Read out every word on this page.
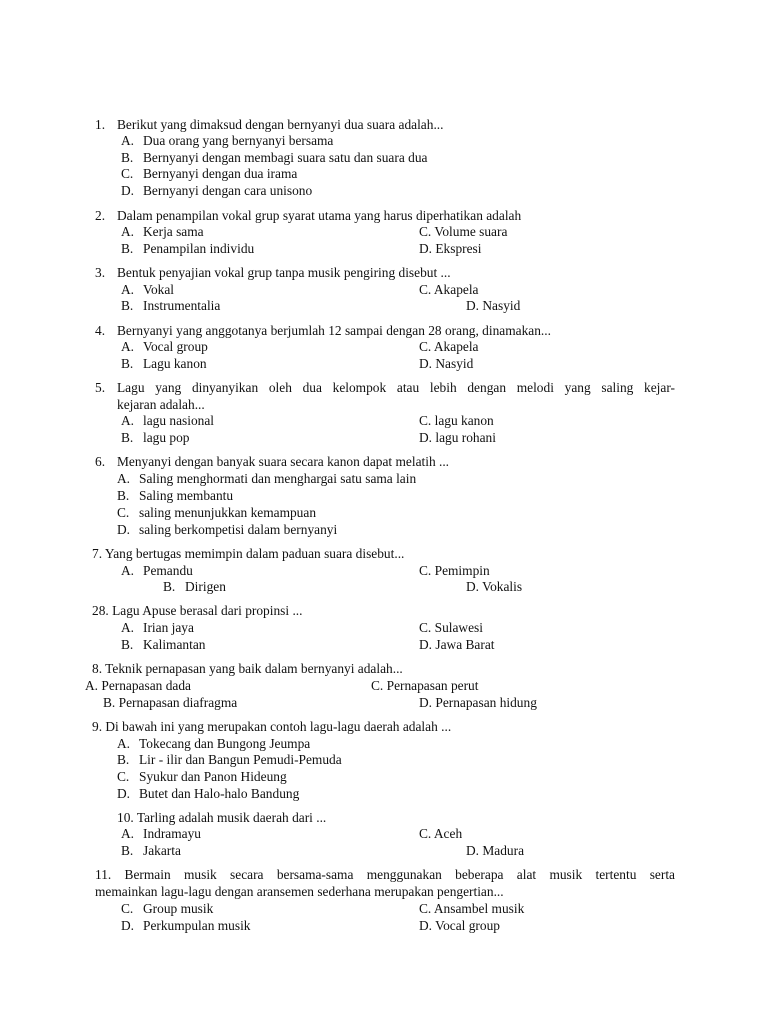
1. Berikut yang dimaksud dengan bernyanyi dua suara adalah...
A. Dua orang yang bernyanyi bersama
B. Bernyanyi dengan membagi suara satu dan suara dua
C. Bernyanyi dengan dua irama
D. Bernyanyi dengan cara unisono
2. Dalam penampilan vokal grup syarat utama yang harus diperhatikan adalah
A. Kerja sama
B. Penampilan individu
C. Volume suara
D. Ekspresi
3. Bentuk penyajian vokal grup tanpa musik pengiring disebut ...
A. Vokal
B. Instrumentalia
C. Akapela
D. Nasyid
4. Bernyanyi yang anggotanya berjumlah 12 sampai dengan 28 orang, dinamakan...
A. Vocal group
B. Lagu kanon
C. Akapela
D. Nasyid
5. Lagu yang dinyanyikan oleh dua kelompok atau lebih dengan melodi yang saling kejar-
kejaran adalah...
A. lagu nasional
B. lagu pop
C. lagu kanon
D. lagu rohani
6. Menyanyi dengan banyak suara secara kanon dapat melatih ...
A. Saling menghormati dan menghargai satu sama lain
B. Saling membantu
C. saling menunjukkan kemampuan
D. saling berkompetisi dalam bernyanyi
7. Yang bertugas memimpin dalam paduan suara disebut...
A. Pemandu
B. Dirigen
C. Pemimpin
D. Vokalis
28. Lagu Apuse berasal dari propinsi ...
A. Irian jaya
B. Kalimantan
C. Sulawesi
D. Jawa Barat
8. Teknik pernapasan yang baik dalam bernyanyi adalah...
A. Pernapasan dada
B. Pernapasan diafragma
C. Pernapasan perut
D. Pernapasan hidung
9. Di bawah ini yang merupakan contoh lagu-lagu daerah adalah ...
A. Tokecang dan Bungong Jeumpa
B. Lir - ilir dan Bangun Pemudi-Pemuda
C. Syukur dan Panon Hideung
D. Butet dan Halo-halo Bandung
10. Tarling adalah musik daerah dari ...
A. Indramayu
B. Jakarta
C. Aceh
D. Madura
11. Bermain musik secara bersama-sama menggunakan beberapa alat musik tertentu serta
memainkan lagu-lagu dengan aransemen sederhana merupakan pengertian...
C. Group musik
D. Perkumpulan musik
C. Ansambel musik
D. Vocal group
